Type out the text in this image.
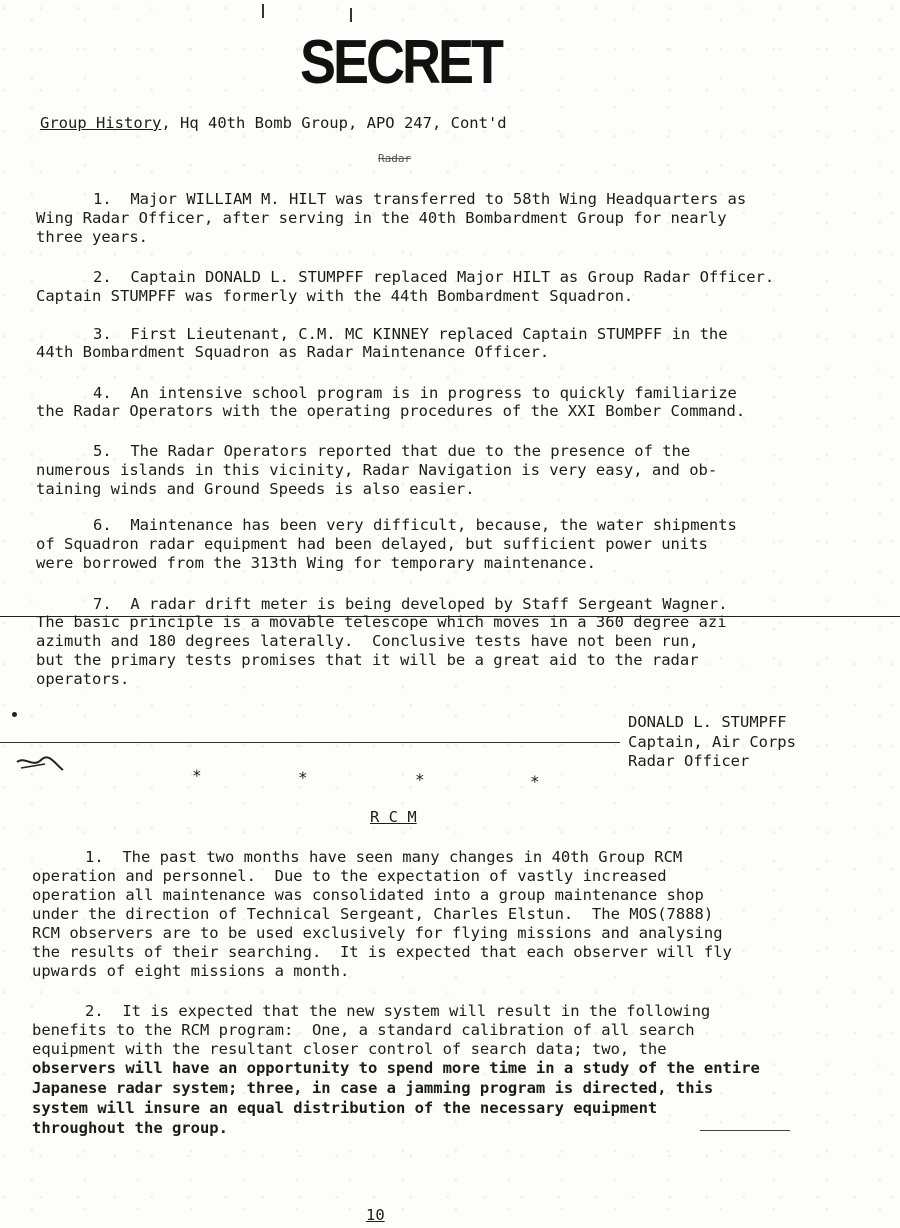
SECRET
Group History, Hq 40th Bomb Group, APO 247, Cont'd
Radar
1.  Major WILLIAM M. HILT was transferred to 58th Wing Headquarters as
Wing Radar Officer, after serving in the 40th Bombardment Group for nearly
three years.
2.  Captain DONALD L. STUMPFF replaced Major HILT as Group Radar Officer.
Captain STUMPFF was formerly with the 44th Bombardment Squadron.
3.  First Lieutenant, C.M. MC KINNEY replaced Captain STUMPFF in the
44th Bombardment Squadron as Radar Maintenance Officer.
4.  An intensive school program is in progress to quickly familiarize
the Radar Operators with the operating procedures of the XXI Bomber Command.
5.  The Radar Operators reported that due to the presence of the
numerous islands in this vicinity, Radar Navigation is very easy, and ob-
taining winds and Ground Speeds is also easier.
6.  Maintenance has been very difficult, because, the water shipments
of Squadron radar equipment had been delayed, but sufficient power units
were borrowed from the 313th Wing for temporary maintenance.
7.  A radar drift meter is being developed by Staff Sergeant Wagner.
The basic principle is a movable telescope which moves in a 360 degree azi
azimuth and 180 degrees laterally.  Conclusive tests have not been run,
but the primary tests promises that it will be a great aid to the radar
operators.
DONALD L. STUMPFF
Captain, Air Corps
Radar Officer
*	*	*	*
R C M
1.  The past two months have seen many changes in 40th Group RCM
operation and personnel.  Due to the expectation of vastly increased
operation all maintenance was consolidated into a group maintenance shop
under the direction of Technical Sergeant, Charles Elstun.  The MOS(7888)
RCM observers are to be used exclusively for flying missions and analysing
the results of their searching.  It is expected that each observer will fly
upwards of eight missions a month.
2.  It is expected that the new system will result in the following
benefits to the RCM program:  One, a standard calibration of all search
equipment with the resultant closer control of search data; two, the
observers will have an opportunity to spend more time in a study of the entire
Japanese radar system; three, in case a jamming program is directed, this
system will insure an equal distribution of the necessary equipment
throughout the group.
10
